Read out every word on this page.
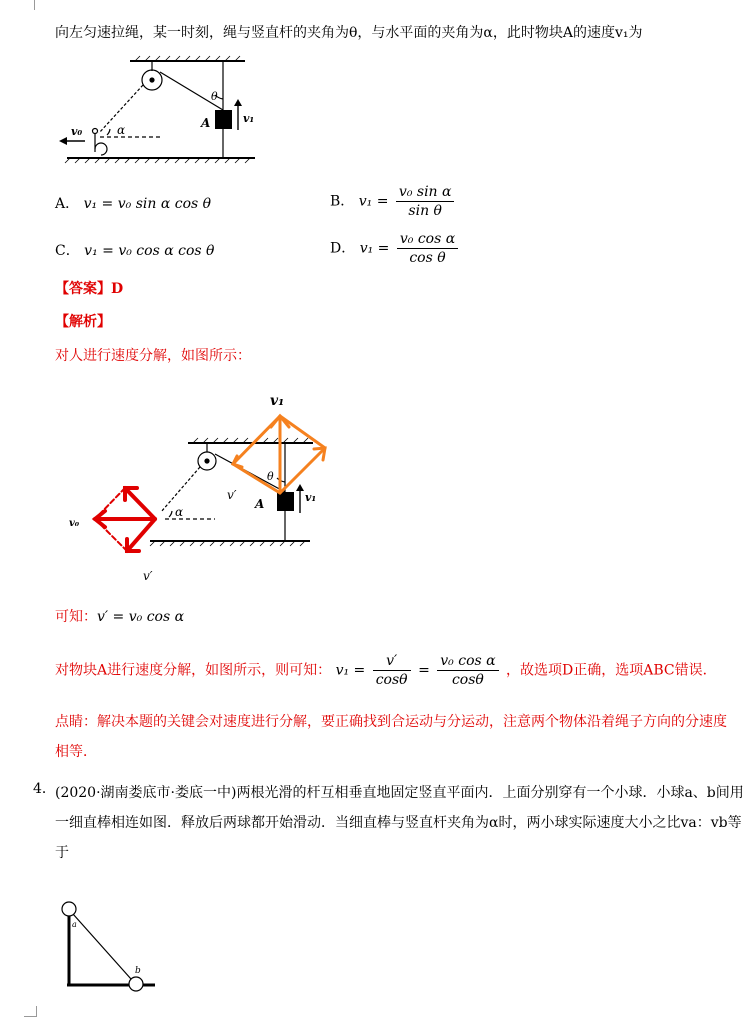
向左匀速拉绳，某一时刻，绳与竖直杆的夹角为θ，与水平面的夹角为α，此时物块A的速度v₁为
v₀	α
θ
A	v₁
A． v₁ = v₀ sin α cos θ	B． $v_1 = \frac{\text{v₀ sin α}}{\text{sin θ}}$
C． v₁ = v₀ cos α cos θ	D． $v_1 = \frac{\text{v₀ cos α}}{\text{cos θ}}$
【答案】D
【解析】
对人进行速度分解，如图所示：
v₁
v₀
v′
v′
α
θ
A	v₁
可知：v′ = v₀ cos α
对物块A进行速度分解，如图所示，则可知： $v_1 = \frac{v'}{\cos\theta} = \frac{\text{v₀ cos α}}{\cos\theta}$ ，故选项D正确，选项ABC错误．
点睛：解决本题的关键会对速度进行分解，要正确找到合运动与分运动，注意两个物体沿着绳子方向的分速度相等．
4． (2020·湖南娄底市·娄底一中)两根光滑的杆互相垂直地固定竖直平面内．上面分别穿有一个小球．小球a、b间用一细直棒相连如图．释放后两球都开始滑动．当细直棒与竖直杆夹角为α时，两小球实际速度大小之比va：vb等于
a
b
